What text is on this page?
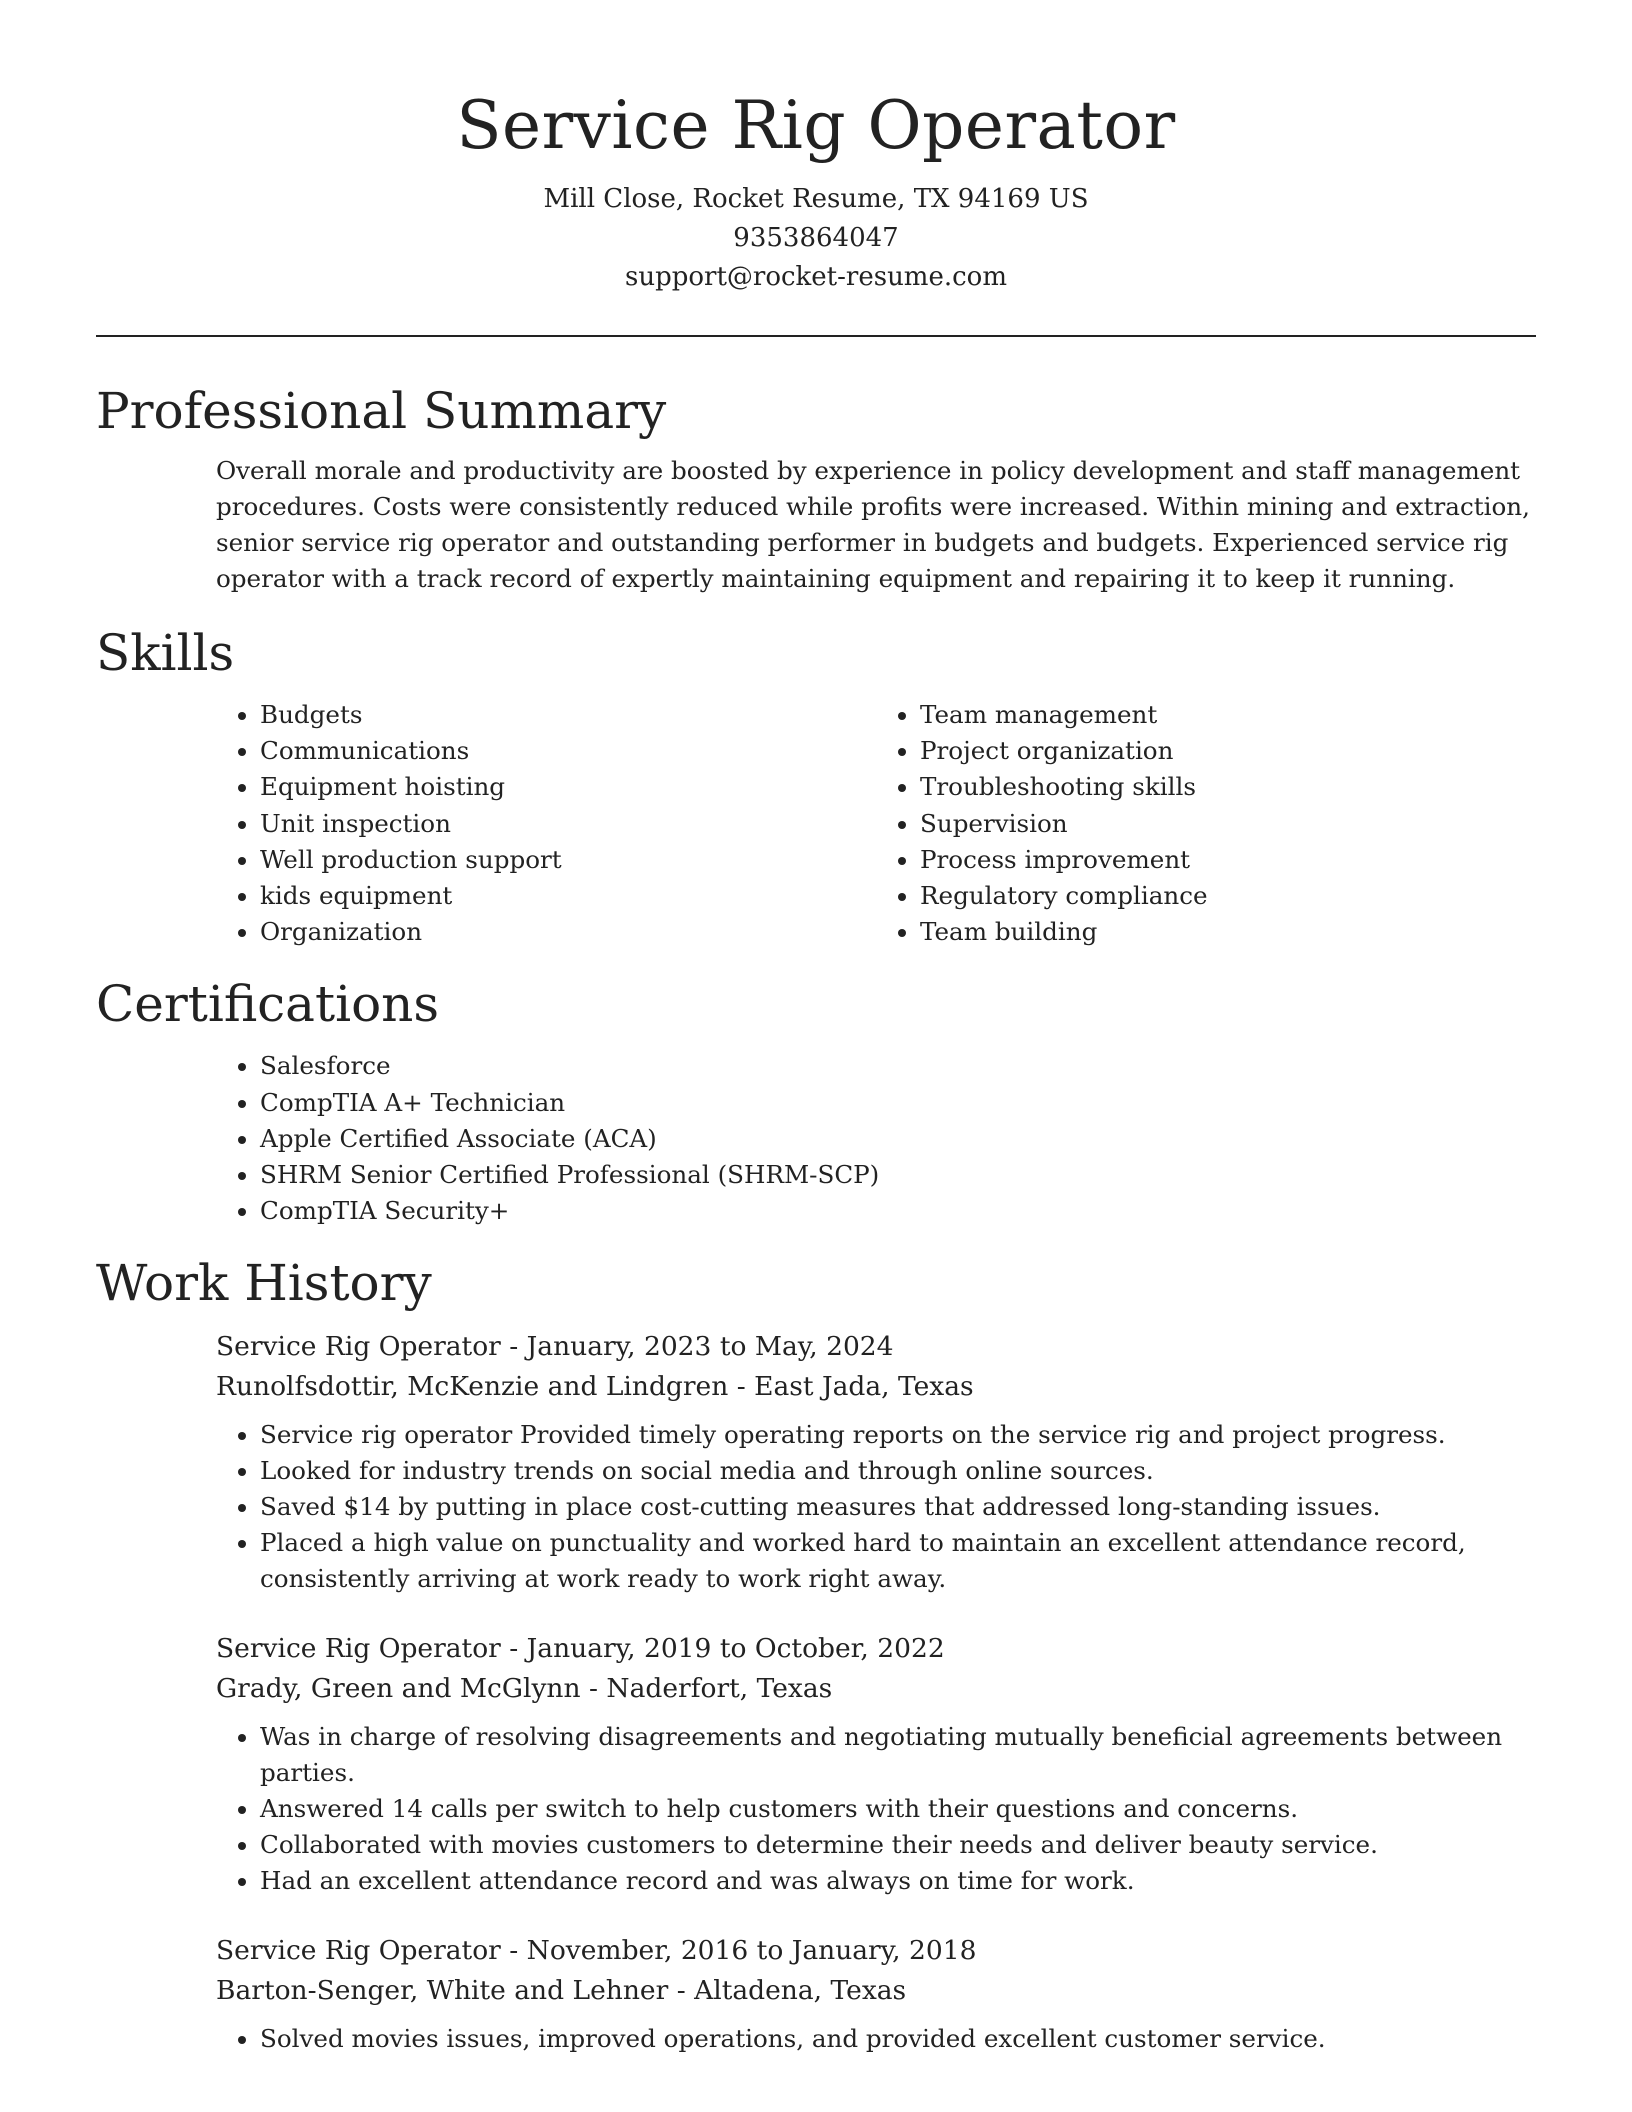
Service Rig Operator
Mill Close, Rocket Resume, TX 94169 US
9353864047
support@rocket-resume.com
Professional Summary

Overall morale and productivity are boosted by experience in policy development and staff management procedures. Costs were consistently reduced while profits were increased. Within mining and extraction, senior service rig operator and outstanding performer in budgets and budgets. Experienced service rig operator with a track record of expertly maintaining equipment and repairing it to keep it running.

Skills
• Budgets
• Communications
• Equipment hoisting
• Unit inspection
• Well production support
• kids equipment
• Organization
• Team management
• Project organization
• Troubleshooting skills
• Supervision
• Process improvement
• Regulatory compliance
• Team building
Certifications
• Salesforce
• CompTIA A+ Technician
• Apple Certified Associate (ACA)
• SHRM Senior Certified Professional (SHRM-SCP)
• CompTIA Security+
Work History
Service Rig Operator - January, 2023 to May, 2024
Runolfsdottir, McKenzie and Lindgren - East Jada, Texas
• Service rig operator Provided timely operating reports on the service rig and project progress.
• Looked for industry trends on social media and through online sources.
• Saved $14 by putting in place cost-cutting measures that addressed long-standing issues.
• Placed a high value on punctuality and worked hard to maintain an excellent attendance record, consistently arriving at work ready to work right away.
Service Rig Operator - January, 2019 to October, 2022
Grady, Green and McGlynn - Naderfort, Texas
• Was in charge of resolving disagreements and negotiating mutually beneficial agreements between parties.
• Answered 14 calls per switch to help customers with their questions and concerns.
• Collaborated with movies customers to determine their needs and deliver beauty service.
• Had an excellent attendance record and was always on time for work.
Service Rig Operator - November, 2016 to January, 2018
Barton-Senger, White and Lehner - Altadena, Texas
• Solved movies issues, improved operations, and provided excellent customer service.
